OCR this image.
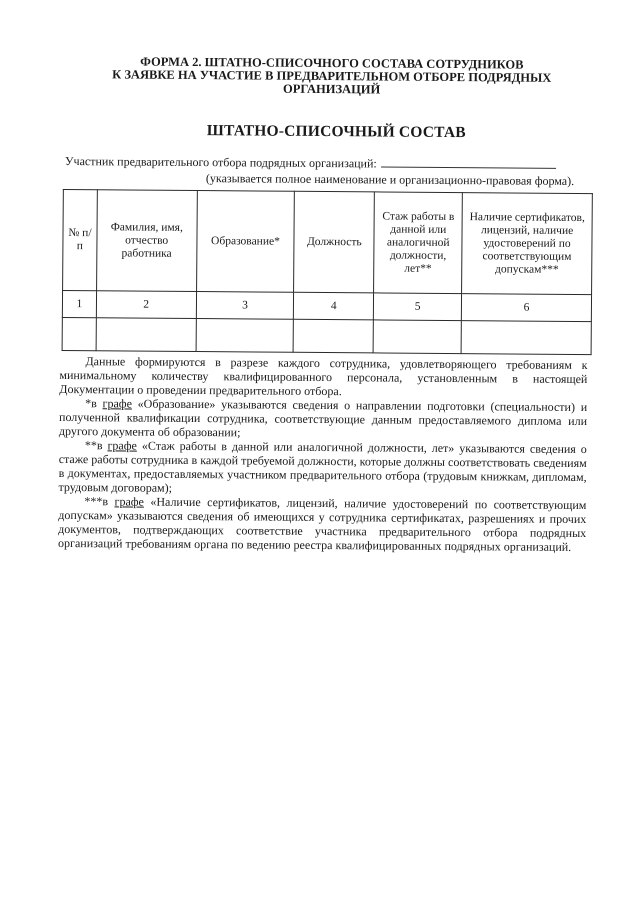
ФОРМА 2. ШТАТНО-СПИСОЧНОГО СОСТАВА СОТРУДНИКОВ
К ЗАЯВКЕ НА УЧАСТИЕ В ПРЕДВАРИТЕЛЬНОМ ОТБОРЕ ПОДРЯДНЫХ
ОРГАНИЗАЦИЙ
ШТАТНО-СПИСОЧНЫЙ СОСТАВ
Участник предварительного отбора подрядных организаций:
(указывается полное наименование и организационно-правовая форма).
№ п/п	Фамилия, имя, отчество работника	Образование*	Должность	Стаж работы в данной или аналогичной должности, лет**	Наличие сертификатов, лицензий, наличие удостоверений по соответствующим допускам***
1	2	3	4	5	6

Данные формируются в разрезе каждого сотрудника, удовлетворяющего требованиям к минимальному количеству квалифицированного персонала, установленным в настоящей Документации о проведении предварительного отбора.

*в графе «Образование» указываются сведения о направлении подготовки (специальности) и полученной квалификации сотрудника, соответствующие данным предоставляемого диплома или другого документа об образовании;

**в графе «Стаж работы в данной или аналогичной должности, лет» указываются сведения о стаже работы сотрудника в каждой требуемой должности, которые должны соответствовать сведениям в документах, предоставляемых участником предварительного отбора (трудовым книжкам, дипломам, трудовым договорам);

***в графе «Наличие сертификатов, лицензий, наличие удостоверений по соответствующим допускам» указываются сведения об имеющихся у сотрудника сертификатах, разрешениях и прочих документов, подтверждающих соответствие участника предварительного отбора подрядных организаций требованиям органа по ведению реестра квалифицированных подрядных организаций.
